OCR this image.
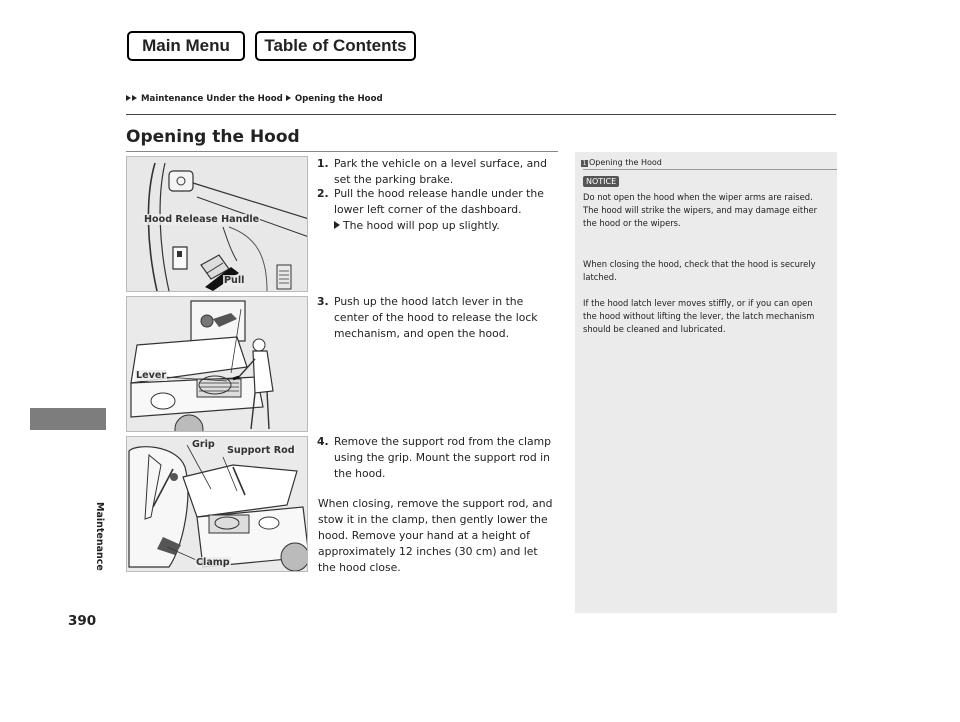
Main Menu	Table of Contents
Maintenance Under the Hood Opening the Hood
Opening the Hood
Maintenance
390
Hood Release Handle
Pull
Lever
Grip
Support Rod
Clamp
1. Park the vehicle on a level surface, and set the parking brake.
2. Pull the hood release handle under the lower left corner of the dashboard.
The hood will pop up slightly.
3. Push up the hood latch lever in the center of the hood to release the lock mechanism, and open the hood.
4. Remove the support rod from the clamp using the grip. Mount the support rod in the hood.
When closing, remove the support rod, and stow it in the clamp, then gently lower the hood. Remove your hand at a height of approximately 12 inches (30 cm) and let the hood close.
1 Opening the Hood
NOTICE
Do not open the hood when the wiper arms are raised.
The hood will strike the wipers, and may damage either the hood or the wipers.
When closing the hood, check that the hood is securely latched.
If the hood latch lever moves stiffly, or if you can open the hood without lifting the lever, the latch mechanism should be cleaned and lubricated.
